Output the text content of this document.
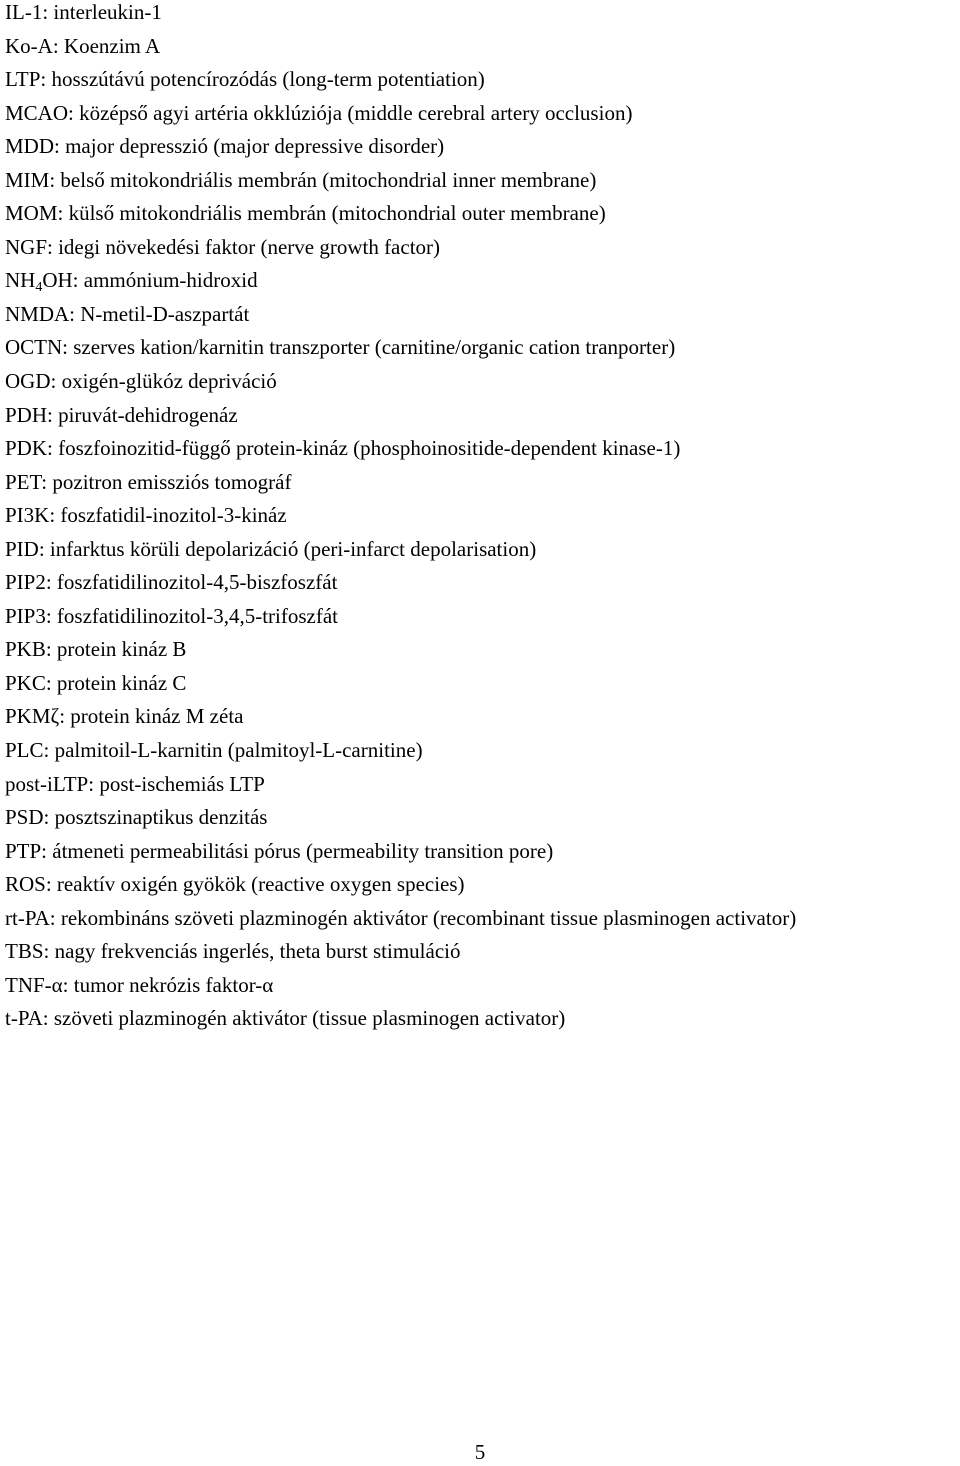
IL-1: interleukin-1
Ko-A: Koenzim A
LTP: hosszútávú potencírozódás (long-term potentiation)
MCAO: középső agyi artéria okklúziója (middle cerebral artery occlusion)
MDD: major depresszió (major depressive disorder)
MIM: belső mitokondriális membrán (mitochondrial inner membrane)
MOM: külső mitokondriális membrán (mitochondrial outer membrane)
NGF: idegi növekedési faktor (nerve growth factor)
$NH_4OH$: ammónium-hidroxid
NMDA: N-metil-D-aszpartát
OCTN: szerves kation/karnitin transzporter (carnitine/organic cation tranporter)
OGD: oxigén-glükóz depriváció
PDH: piruvát-dehidrogenáz
PDK: foszfoinozitid-függő protein-kináz (phosphoinositide-dependent kinase-1)
PET: pozitron emissziós tomográf
PI3K: foszfatidil-inozitol-3-kináz
PID: infarktus körüli depolarizáció (peri-infarct depolarisation)
PIP2: foszfatidilinozitol-4,5-biszfoszfát
PIP3: foszfatidilinozitol-3,4,5-trifoszfát
PKB: protein kináz B
PKC: protein kináz C
PKMζ: protein kináz M zéta
PLC: palmitoil-L-karnitin (palmitoyl-L-carnitine)
post-iLTP: post-ischemiás LTP
PSD: posztszinaptikus denzitás
PTP: átmeneti permeabilitási pórus (permeability transition pore)
ROS: reaktív oxigén gyökök (reactive oxygen species)
rt-PA: rekombináns szöveti plazminogén aktivátor (recombinant tissue plasminogen activator)
TBS: nagy frekvenciás ingerlés, theta burst stimuláció
TNF-α: tumor nekrózis faktor-α
t-PA: szöveti plazminogén aktivátor (tissue plasminogen activator)
5
